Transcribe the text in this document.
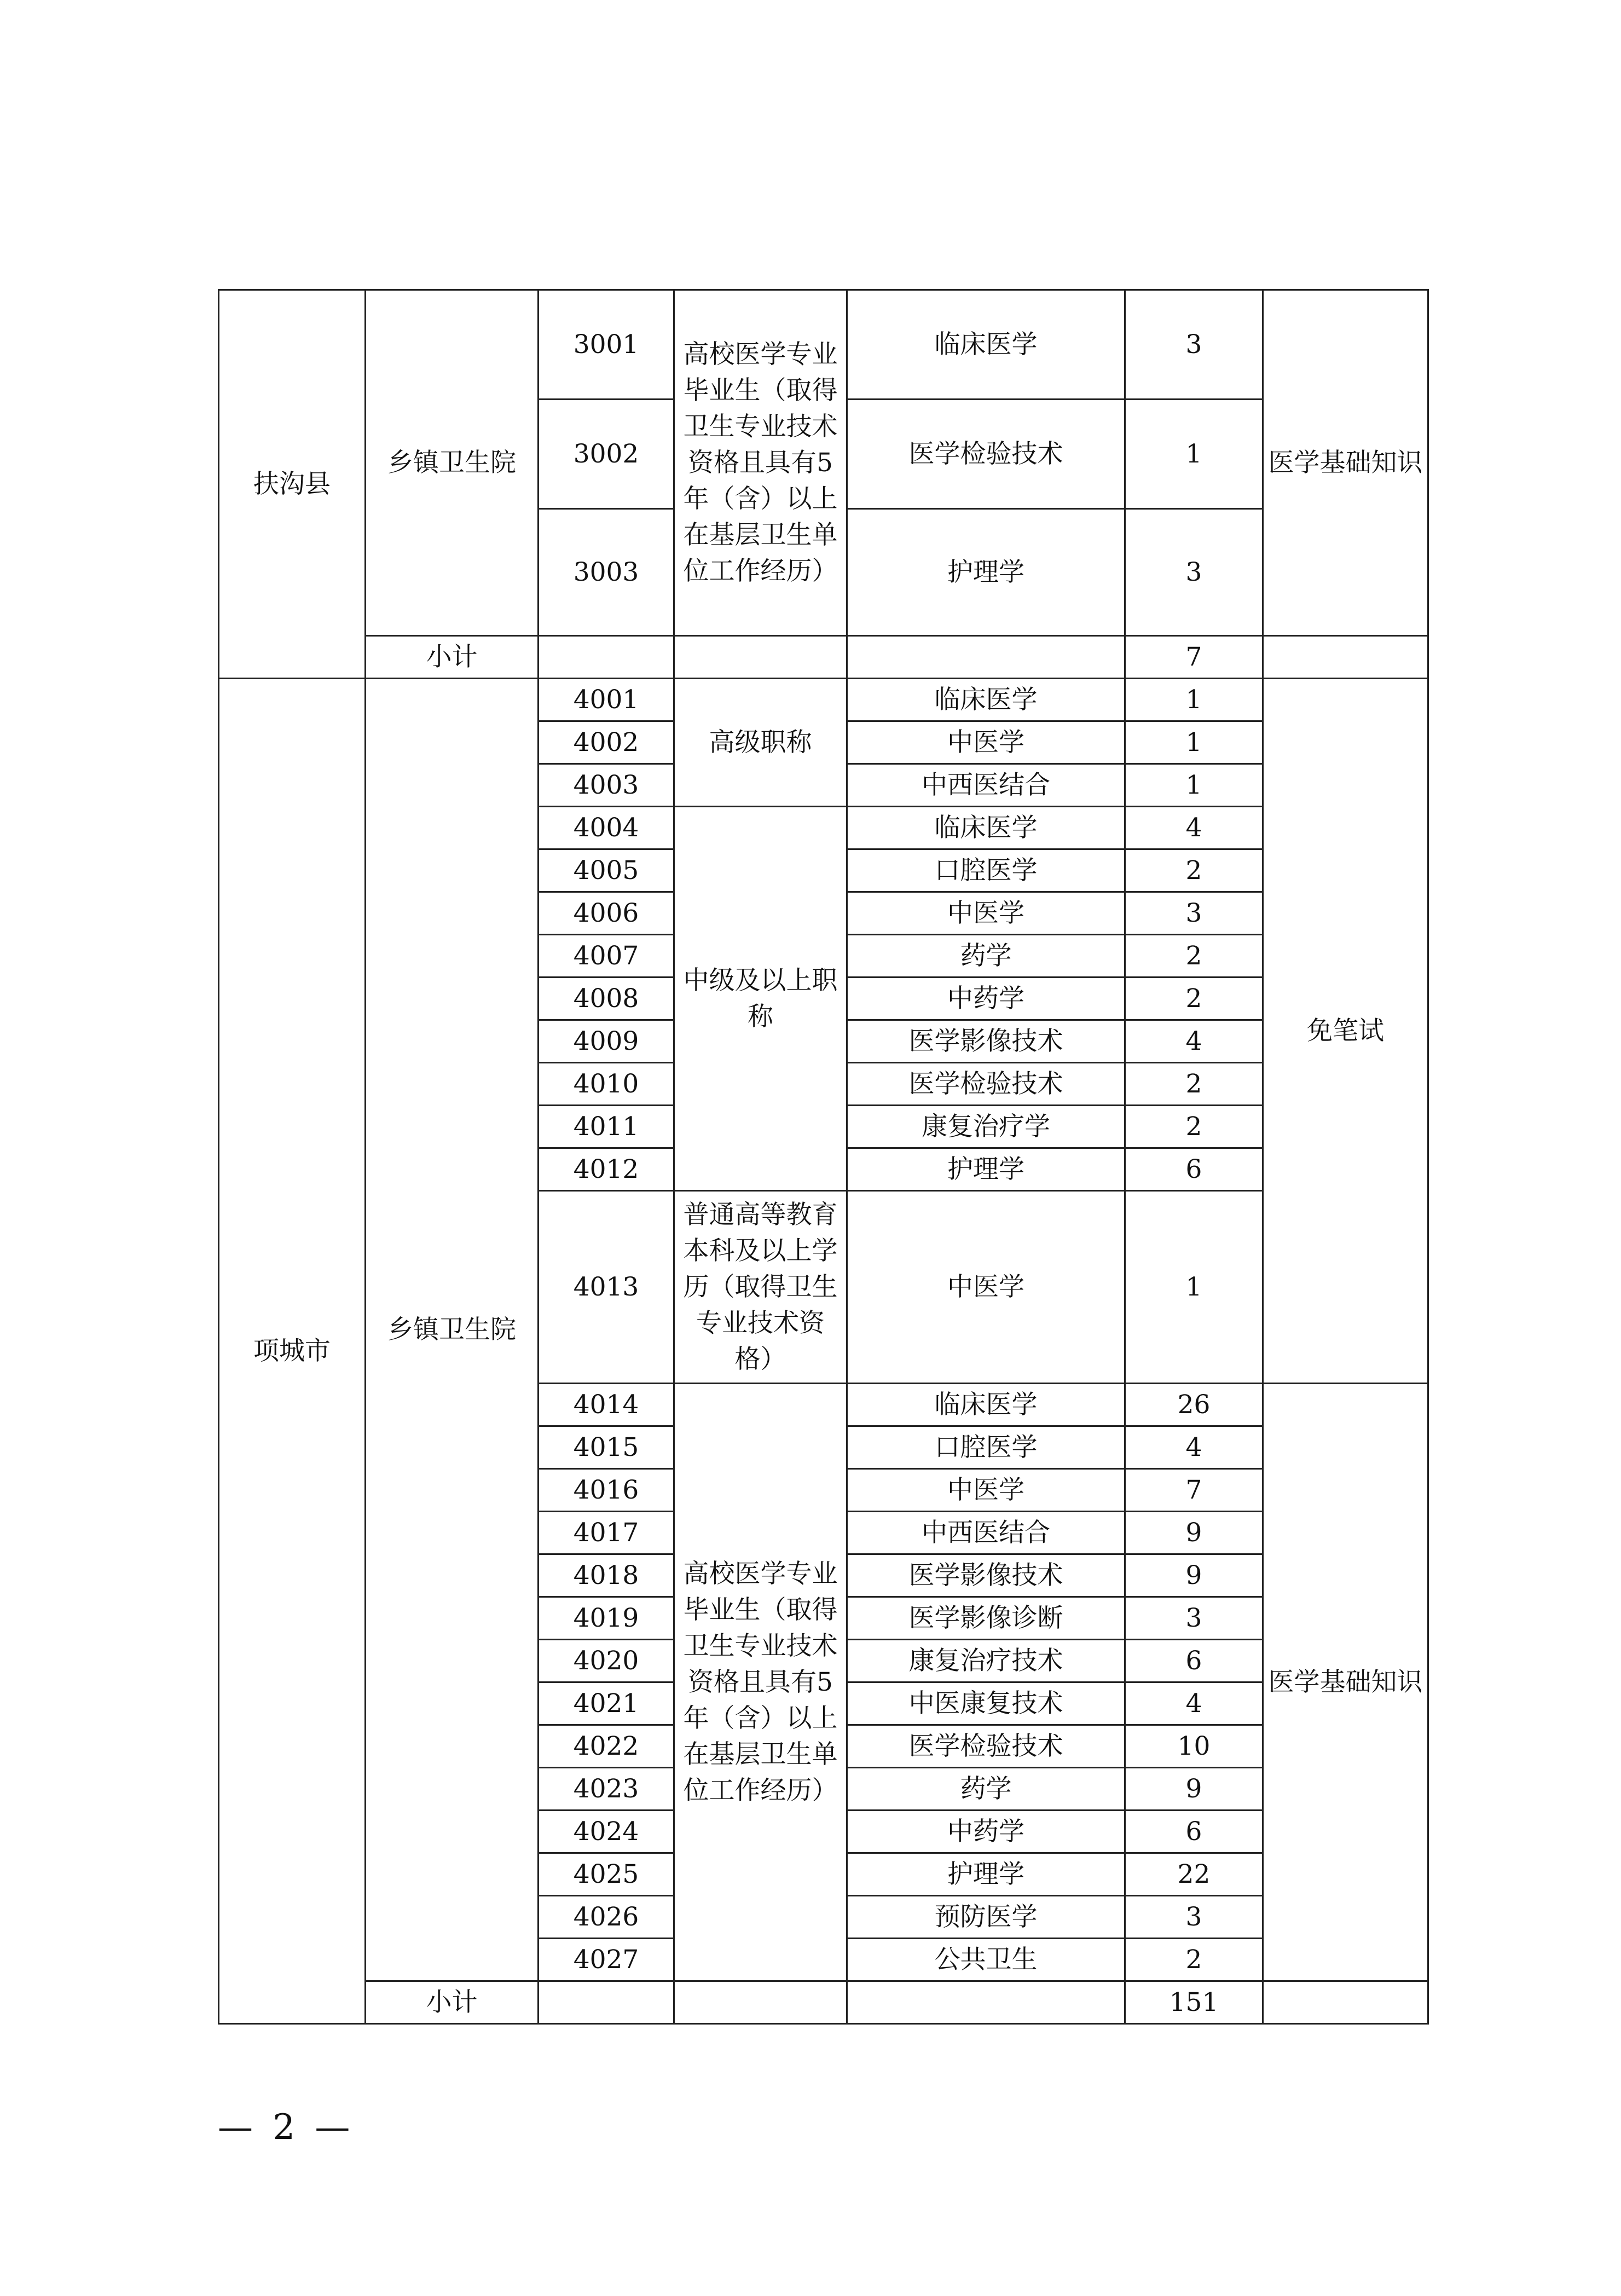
扶沟县	乡镇卫生院	3001	高校医学专业毕业生（取得卫生专业技术资格且具有5年（含）以上在基层卫生单位工作经历）	临床医学	3	医学基础知识
		3002		医学检验技术	1	
		3003		护理学	3	
	小计				7	
项城市	乡镇卫生院	4001	高级职称	临床医学	1	免笔试
		4002		中医学	1	
		4003		中西医结合	1	
		4004	中级及以上职称	临床医学	4	
		4005		口腔医学	2	
		4006		中医学	3	
		4007		药学	2	
		4008		中药学	2	
		4009		医学影像技术	4	
		4010		医学检验技术	2	
		4011		康复治疗学	2	
		4012		护理学	6	
		4013	普通高等教育本科及以上学历（取得卫生专业技术资格）	中医学	1	
		4014	高校医学专业毕业生（取得卫生专业技术资格且具有5年（含）以上在基层卫生单位工作经历）	临床医学	26	医学基础知识
		4015		口腔医学	4	
		4016		中医学	7	
		4017		中西医结合	9	
		4018		医学影像技术	9	
		4019		医学影像诊断	3	
		4020		康复治疗技术	6	
		4021		中医康复技术	4	
		4022		医学检验技术	10	
		4023		药学	9	
		4024		中药学	6	
		4025		护理学	22	
		4026		预防医学	3	
		4027		公共卫生	2	
	小计				151	
— 2 —
